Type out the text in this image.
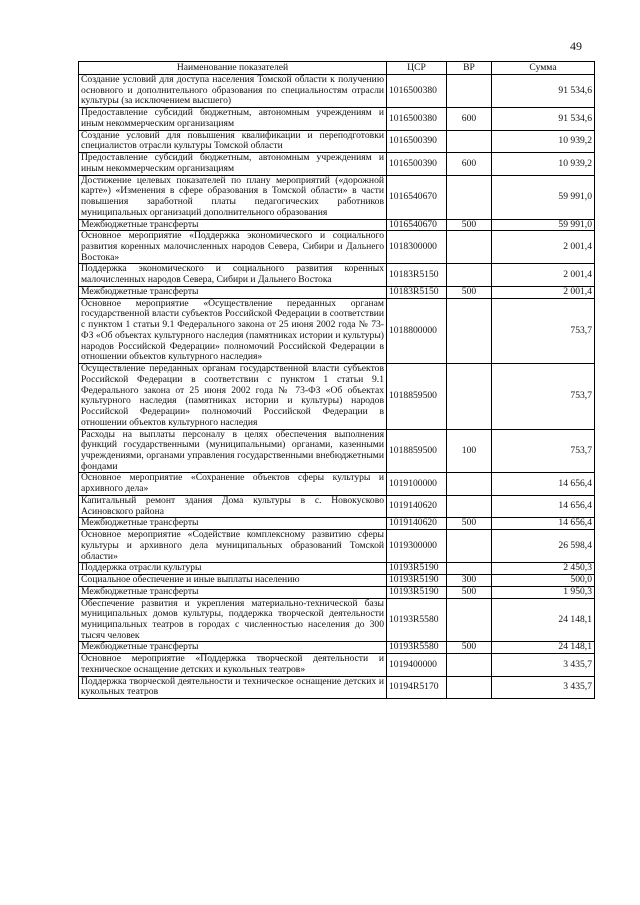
49
Наименование показателей	ЦСР	ВР	Сумма
Создание условий для доступа населения Томской области к получению основного и дополнительного образования по специальностям отрасли культуры (за исключением высшего)	1016500380		91 534,6
Предоставление субсидий бюджетным, автономным учреждениям и иным некоммерческим организациям	1016500380	600	91 534,6
Создание условий для повышения квалификации и переподготовки специалистов отрасли культуры Томской области	1016500390		10 939,2
Предоставление субсидий бюджетным, автономным учреждениям и иным некоммерческим организациям	1016500390	600	10 939,2
Достижение целевых показателей по плану мероприятий («дорожной карте») «Изменения в сфере образования в Томской области» в части повышения заработной платы педагогических работников муниципальных организаций дополнительного образования	1016540670		59 991,0
Межбюджетные трансферты	1016540670	500	59 991,0
Основное мероприятие «Поддержка экономического и социального развития коренных малочисленных народов Севера, Сибири и Дальнего Востока»	1018300000		2 001,4
Поддержка экономического и социального развития коренных малочисленных народов Севера, Сибири и Дальнего Востока	10183R5150		2 001,4
Межбюджетные трансферты	10183R5150	500	2 001,4
Основное мероприятие «Осуществление переданных органам государственной власти субъектов Российской Федерации в соответствии с пунктом 1 статьи 9.1 Федерального закона от 25 июня 2002 года № 73-ФЗ «Об объектах культурного наследия (памятниках истории и культуры) народов Российской Федерации» полномочий Российской Федерации в отношении объектов культурного наследия»	1018800000		753,7
Осуществление переданных органам государственной власти субъектов Российской Федерации в соответствии с пунктом 1 статьи 9.1 Федерального закона от 25 июня 2002 года № 73-ФЗ «Об объектах культурного наследия (памятниках истории и культуры) народов Российской Федерации» полномочий Российской Федерации в отношении объектов культурного наследия	1018859500		753,7
Расходы на выплаты персоналу в целях обеспечения выполнения функций государственными (муниципальными) органами, казенными учреждениями, органами управления государственными внебюджетными фондами	1018859500	100	753,7
Основное мероприятие «Сохранение объектов сферы культуры и архивного дела»	1019100000		14 656,4
Капитальный ремонт здания Дома культуры в с. Новокусково Асиновского района	1019140620		14 656,4
Межбюджетные трансферты	1019140620	500	14 656,4
Основное мероприятие «Содействие комплексному развитию сферы культуры и архивного дела муниципальных образований Томской области»	1019300000		26 598,4
Поддержка отрасли культуры	10193R5190		2 450,3
Социальное обеспечение и иные выплаты населению	10193R5190	300	500,0
Межбюджетные трансферты	10193R5190	500	1 950,3
Обеспечение развития и укрепления материально-технической базы муниципальных домов культуры, поддержка творческой деятельности муниципальных театров в городах с численностью населения до 300 тысяч человек	10193R5580		24 148,1
Межбюджетные трансферты	10193R5580	500	24 148,1
Основное мероприятие «Поддержка творческой деятельности и техническое оснащение детских и кукольных театров»	1019400000		3 435,7
Поддержка творческой деятельности и техническое оснащение детских и кукольных театров	10194R5170		3 435,7
